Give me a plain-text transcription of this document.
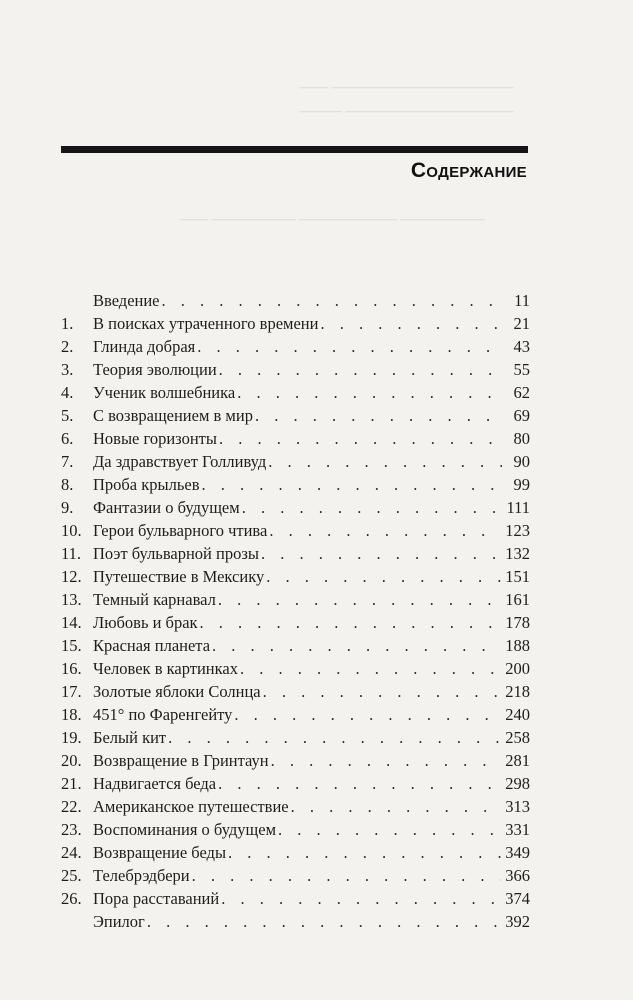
————————————— ——
———————————— ———
—————— ——————— —————— ——
Содержание
Введение . . .	11
1.	В поисках утраченного времени . . .	21
2.	Глинда добрая . . .	43
3.	Теория эволюции . . .	55
4.	Ученик волшебника . . .	62
5.	С возвращением в мир . . .	69
6.	Новые горизонты . . .	80
7.	Да здравствует Голливуд . . .	90
8.	Проба крыльев . . .	99
9.	Фантазии о будущем . . .	111
10. Герои бульварного чтива . . .	123
11. Поэт бульварной прозы . . .	132
12. Путешествие в Мексику . . .	151
13. Темный карнавал . . .	161
14. Любовь и брак . . .	178
15. Красная планета . . .	188
16. Человек в картинках . . .	200
17. Золотые яблоки Солнца . . .	218
18. 451° по Фаренгейту . . .	240
19. Белый кит . . .	258
20. Возвращение в Гринтаун . . .	281
21. Надвигается беда . . .	298
22. Американское путешествие . . .	313
23. Воспоминания о будущем . . .	331
24. Возвращение беды . . .	349
25. Телебрэдбери . . .	366
26. Пора расставаний . . .	374
Эпилог . . .	392
